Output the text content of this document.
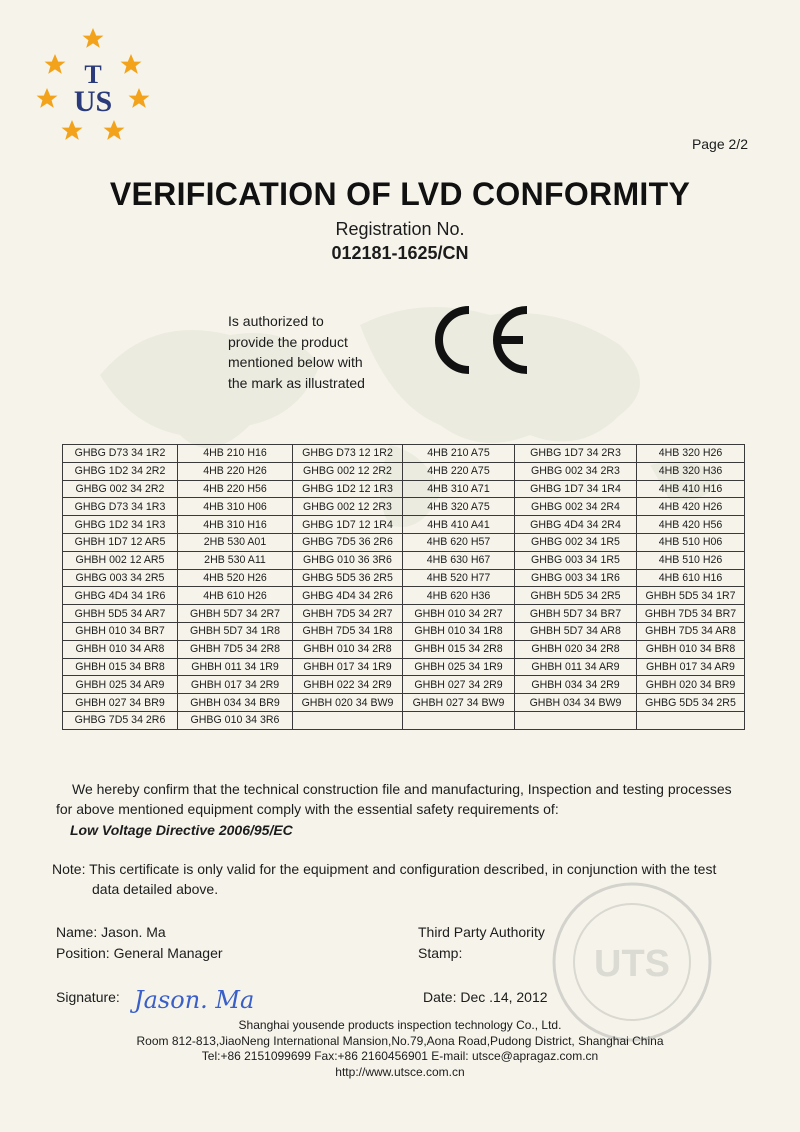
T
US
Page 2/2
VERIFICATION OF LVD CONFORMITY
Registration No.
012181-1625/CN
Is authorized to
provide the product
mentioned below with
the mark as illustrated
GHBG D73 34 1R2	4HB 210 H16	GHBG D73 12 1R2	4HB 210 A75	GHBG 1D7 34 2R3	4HB 320 H26
GHBG 1D2 34 2R2	4HB 220 H26	GHBG 002 12 2R2	4HB 220 A75	GHBG 002 34 2R3	4HB 320 H36
GHBG 002 34 2R2	4HB 220 H56	GHBG 1D2 12 1R3	4HB 310 A71	GHBG 1D7 34 1R4	4HB 410 H16
GHBG D73 34 1R3	4HB 310 H06	GHBG 002 12 2R3	4HB 320 A75	GHBG 002 34 2R4	4HB 420 H26
GHBG 1D2 34 1R3	4HB 310 H16	GHBG 1D7 12 1R4	4HB 410 A41	GHBG 4D4 34 2R4	4HB 420 H56
GHBH 1D7 12 AR5	2HB 530 A01	GHBG 7D5 36 2R6	4HB 620 H57	GHBG 002 34 1R5	4HB 510 H06
GHBH 002 12 AR5	2HB 530 A11	GHBG 010 36 3R6	4HB 630 H67	GHBG 003 34 1R5	4HB 510 H26
GHBG 003 34 2R5	4HB 520 H26	GHBG 5D5 36 2R5	4HB 520 H77	GHBG 003 34 1R6	4HB 610 H16
GHBG 4D4 34 1R6	4HB 610 H26	GHBG 4D4 34 2R6	4HB 620 H36	GHBH 5D5 34 2R5	GHBH 5D5 34 1R7
GHBH 5D5 34 AR7	GHBH 5D7 34 2R7	GHBH 7D5 34 2R7	GHBH 010 34 2R7	GHBH 5D7 34 BR7	GHBH 7D5 34 BR7
GHBH 010 34 BR7	GHBH 5D7 34 1R8	GHBH 7D5 34 1R8	GHBH 010 34 1R8	GHBH 5D7 34 AR8	GHBH 7D5 34 AR8
GHBH 010 34 AR8	GHBH 7D5 34 2R8	GHBH 010 34 2R8	GHBH 015 34 2R8	GHBH 020 34 2R8	GHBH 010 34 BR8
GHBH 015 34 BR8	GHBH 011 34 1R9	GHBH 017 34 1R9	GHBH 025 34 1R9	GHBH 011 34 AR9	GHBH 017 34 AR9
GHBH 025 34 AR9	GHBH 017 34 2R9	GHBH 022 34 2R9	GHBH 027 34 2R9	GHBH 034 34 2R9	GHBH 020 34 BR9
GHBH 027 34 BR9	GHBH 034 34 BR9	GHBH 020 34 BW9	GHBH 027 34 BW9	GHBH 034 34 BW9	GHBG 5D5 34 2R5
GHBG 7D5 34 2R6	GHBG 010 34 3R6				
We hereby confirm that the technical construction file and manufacturing, Inspection and testing processes
for above mentioned equipment comply with the essential safety requirements of:
Low Voltage Directive 2006/95/EC
Note: This certificate is only valid for the equipment and configuration described, in conjunction with the test
data detailed above.
Name: Jason. Ma
Position: General Manager
Signature: Jason. Ma
Third Party Authority
Stamp:
Date: Dec .14, 2012
UTS
Shanghai yousende products inspection technology Co., Ltd.
Room 812-813,JiaoNeng International Mansion,No.79,Aona Road,Pudong District, Shanghai China
Tel:+86 2151099699 Fax:+86 2160456901 E-mail: utsce@apragaz.com.cn
http://www.utsce.com.cn
